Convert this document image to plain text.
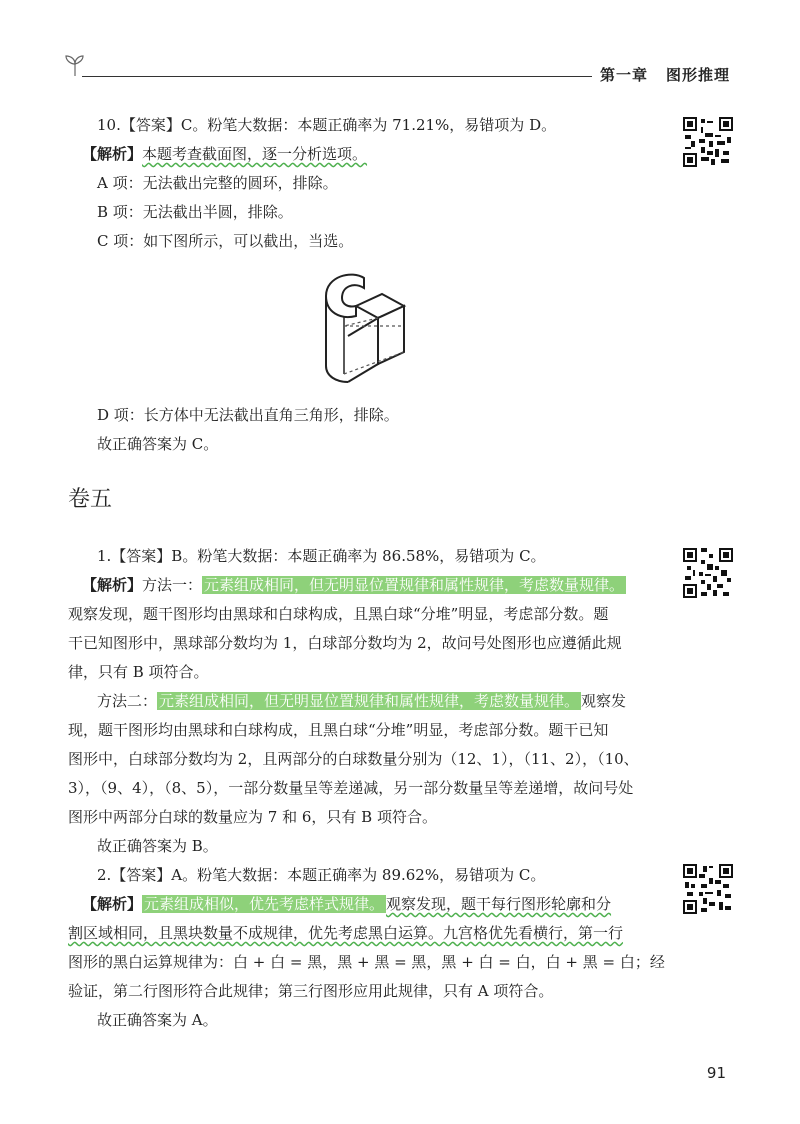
第一章 图形推理
10.【答案】C。粉笔大数据：本题正确率为 71.21%，易错项为 D。
【解析】本题考查截面图，逐一分析选项。
A 项：无法截出完整的圆环，排除。
B 项：无法截出半圆，排除。
C 项：如下图所示，可以截出，当选。
D 项：长方体中无法截出直角三角形，排除。
故正确答案为 C。
卷五
1.【答案】B。粉笔大数据：本题正确率为 86.58%，易错项为 C。
【解析】方法一： 元素组成相同，但无明显位置规律和属性规律，考虑数量规律。
观察发现，题干图形均由黑球和白球构成，且黑白球“分堆”明显，考虑部分数。题
干已知图形中，黑球部分数均为 1，白球部分数均为 2，故问号处图形也应遵循此规
律，只有 B 项符合。
方法二： 元素组成相同，但无明显位置规律和属性规律，考虑数量规律。 观察发
现，题干图形均由黑球和白球构成，且黑白球“分堆”明显，考虑部分数。题干已知
图形中，白球部分数均为 2，且两部分的白球数量分别为（12、1），（11、2），（10、
3），（9、4），（8、5），一部分数量呈等差递减，另一部分数量呈等差递增，故问号处
图形中两部分白球的数量应为 7 和 6，只有 B 项符合。
故正确答案为 B。
2.【答案】A。粉笔大数据：本题正确率为 89.62%，易错项为 C。
【解析】 元素组成相似，优先考虑样式规律。 观察发现，题干每行图形轮廓和分
割区域相同，且黑块数量不成规律，优先考虑黑白运算。九宫格优先看横行，第一行
图形的黑白运算规律为：白 + 白 = 黑，黑 + 黑 = 黑，黑 + 白 = 白，白 + 黑 = 白；经
验证，第二行图形符合此规律；第三行图形应用此规律，只有 A 项符合。
故正确答案为 A。
91
